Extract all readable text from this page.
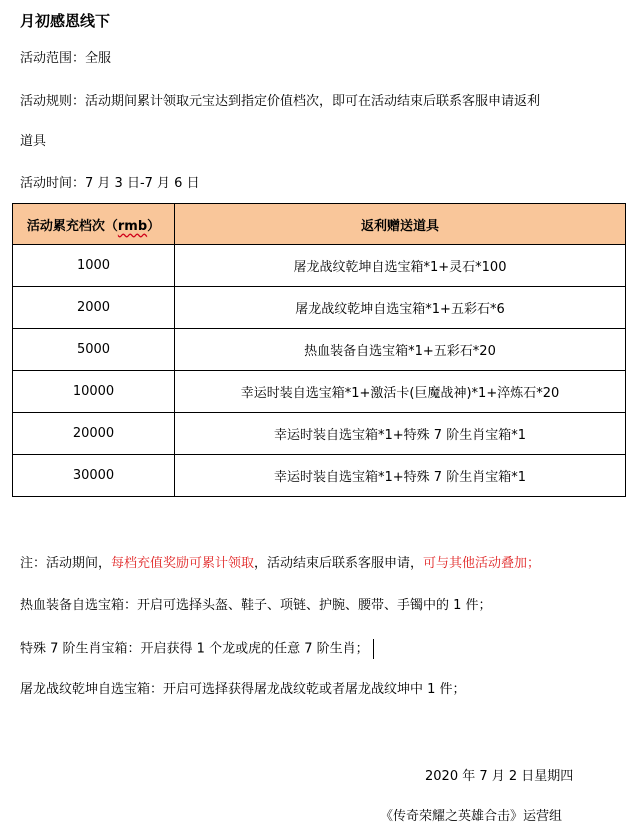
月初感恩线下
活动范围：全服
活动规则：活动期间累计领取元宝达到指定价值档次，即可在活动结束后联系客服申请返利
道具
活动时间：7 月 3 日-7 月 6 日
活动累充档次（rmb）	返利赠送道具
1000	屠龙战纹乾坤自选宝箱*1+灵石*100
2000	屠龙战纹乾坤自选宝箱*1+五彩石*6
5000	热血装备自选宝箱*1+五彩石*20
10000	幸运时装自选宝箱*1+激活卡(巨魔战神)*1+淬炼石*20
20000	幸运时装自选宝箱*1+特殊 7 阶生肖宝箱*1
30000	幸运时装自选宝箱*1+特殊 7 阶生肖宝箱*1
注：活动期间，每档充值奖励可累计领取，活动结束后联系客服申请，可与其他活动叠加；
热血装备自选宝箱：开启可选择头盔、鞋子、项链、护腕、腰带、手镯中的 1 件；
特殊 7 阶生肖宝箱：开启获得 1 个龙或虎的任意 7 阶生肖；
屠龙战纹乾坤自选宝箱：开启可选择获得屠龙战纹乾或者屠龙战纹坤中 1 件；
2020 年 7 月 2 日星期四
《传奇荣耀之英雄合击》运营组
